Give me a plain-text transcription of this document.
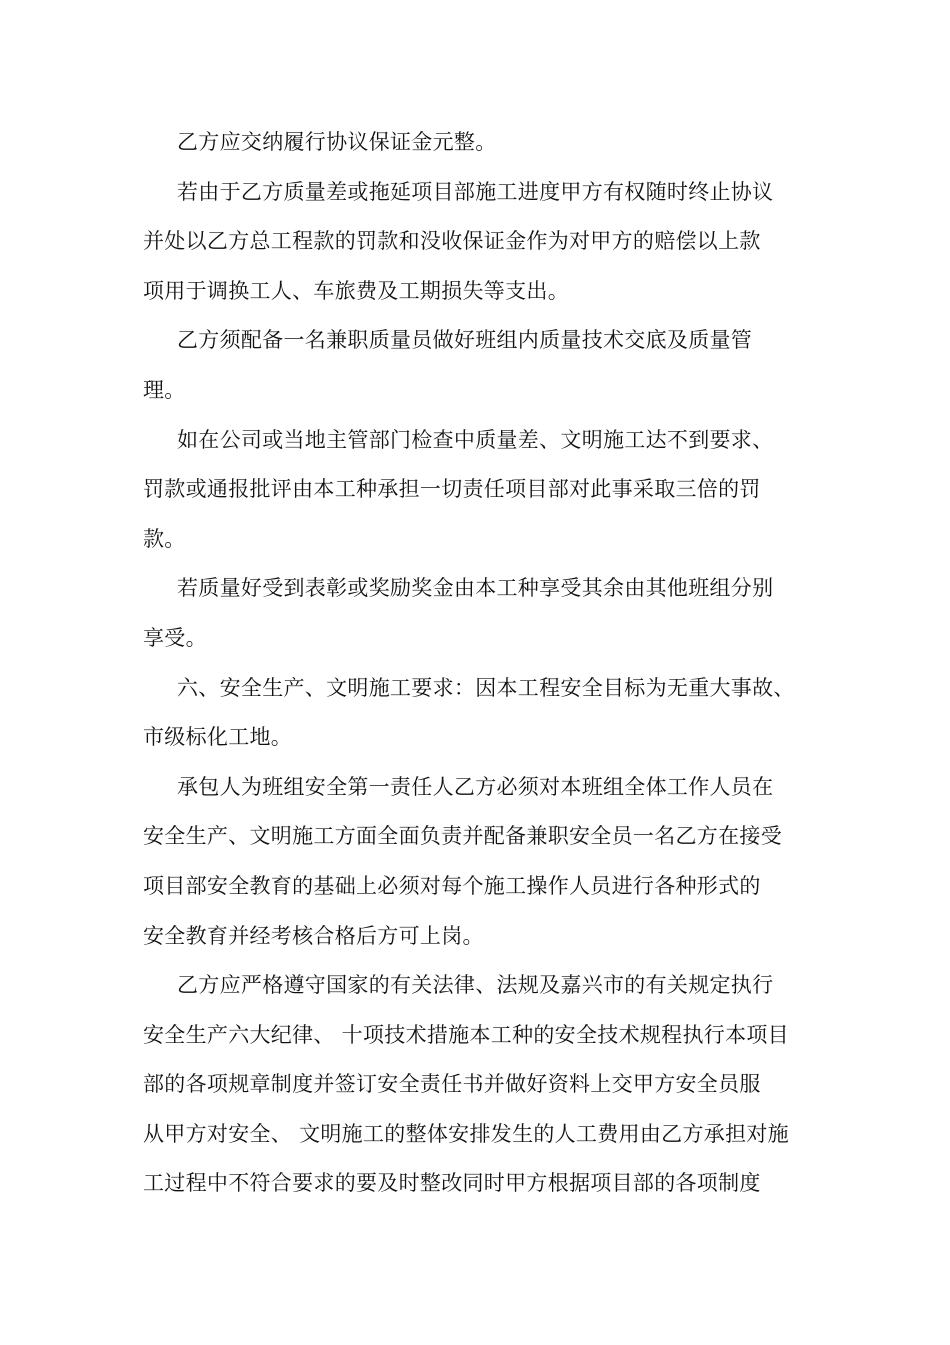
乙方应交纳履行协议保证金元整。
若由于乙方质量差或拖延项目部施工进度甲方有权随时终止协议
并处以乙方总工程款的罚款和没收保证金作为对甲方的赔偿以上款
项用于调换工人、车旅费及工期损失等支出。
乙方须配备一名兼职质量员做好班组内质量技术交底及质量管
理。
如在公司或当地主管部门检查中质量差、文明施工达不到要求、
罚款或通报批评由本工种承担一切责任项目部对此事采取三倍的罚
款。
若质量好受到表彰或奖励奖金由本工种享受其余由其他班组分别
享受。
六、安全生产、文明施工要求：因本工程安全目标为无重大事故、
市级标化工地。
承包人为班组安全第一责任人乙方必须对本班组全体工作人员在
安全生产、文明施工方面全面负责并配备兼职安全员一名乙方在接受
项目部安全教育的基础上必须对每个施工操作人员进行各种形式的
安全教育并经考核合格后方可上岗。
乙方应严格遵守国家的有关法律、法规及嘉兴市的有关规定执行
安全生产六大纪律、 十项技术措施本工种的安全技术规程执行本项目
部的各项规章制度并签订安全责任书并做好资料上交甲方安全员服
从甲方对安全、 文明施工的整体安排发生的人工费用由乙方承担对施
工过程中不符合要求的要及时整改同时甲方根据项目部的各项制度
